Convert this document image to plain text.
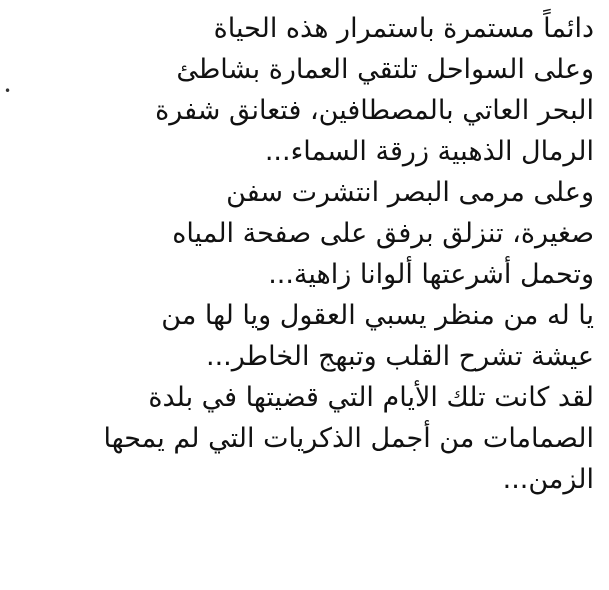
•
دائماً مستمرة باستمرار هذه الحياة
وعلى السواحل تلتقي العمارة بشاطئ
البحر العاتي بالمصطافين، فتعانق شفرة
الرمال الذهبية زرقة السماء...
وعلى مرمى البصر انتشرت سفن
صغيرة، تنزلق برفق على صفحة المياه
وتحمل أشرعتها ألوانا زاهية...
يا له من منظر يسبي العقول ويا لها من
عيشة تشرح القلب وتبهج الخاطر...
لقد كانت تلك الأيام التي قضيتها في بلدة
الصمامات من أجمل الذكريات التي لم يمحها
الزمن...
